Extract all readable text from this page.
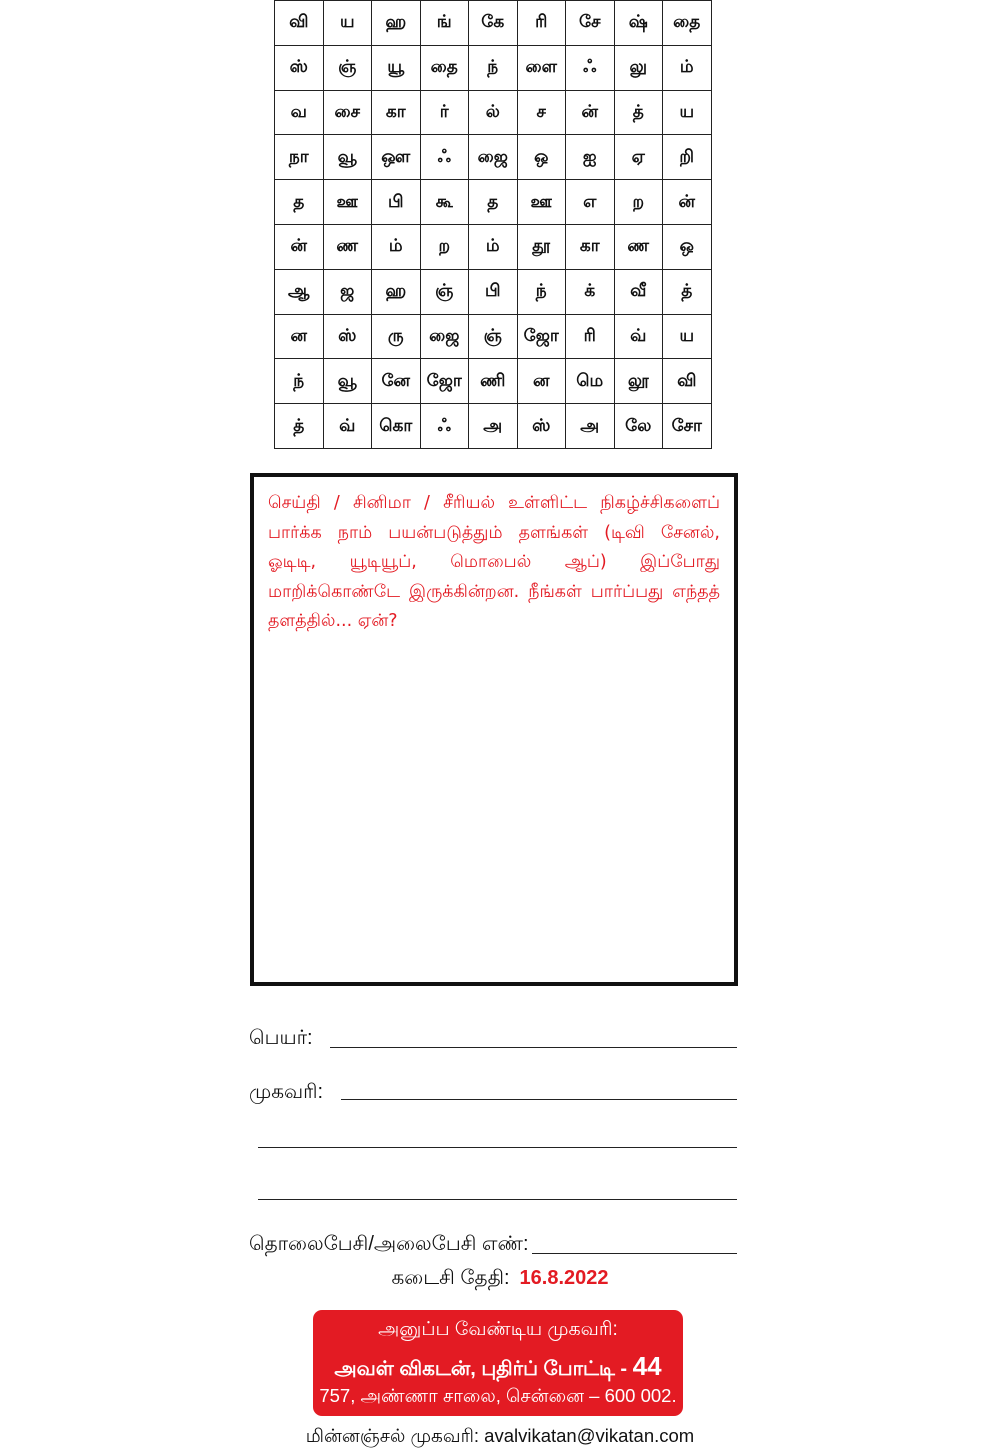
வி	ய	ஹ	ங்	கே	ரி	சே	ஷ்	தை
ஸ்	ஞ்	யூ	தை	ந்	ளை	ஃ	லு	ம்
வ	சை	கா	ர்	ல்	ச	ன்	த்	ய
நா	வூ	ஔ	ஃ	ஜை	ஒ	ஐ	ஏ	றி
த	ஊ	பி	கூ	த	ஊ	எ	ற	ன்
ன்	ண	ம்	ற	ம்	தூ	கா	ண	ஒ
ஆ	ஜ	ஹ	ஞ்	பி	ந்	க்	வீ	த்
ன	ஸ்	ரு	ஜை	ஞ்	ஜோ	ரி	வ்	ய
ந்	வூ	னே	ஜோ	ணி	ன	மெ	லூ	வி
த்	வ்	கொ	ஃ	அ	ஸ்	அ	லே	சோ

செய்தி / சினிமா / சீரியல் உள்ளிட்ட நிகழ்ச்சிகளைப் பார்க்க நாம் பயன்படுத்தும் தளங்கள் (டிவி சேனல், ஓடிடி, யூடியூப், மொபைல் ஆப்) இப்போது மாறிக்கொண்டே இருக்கின்றன. நீங்கள் பார்ப்பது எந்தத் தளத்தில்... ஏன்?

பெயர்:
முகவரி:
தொலைபேசி/அலைபேசி எண்:
கடைசி தேதி: 16.8.2022
அனுப்ப வேண்டிய முகவரி:
அவள் விகடன், புதிர்ப் போட்டி - 44
757, அண்ணா சாலை, சென்னை – 600 002.
மின்னஞ்சல் முகவரி: avalvikatan@vikatan.com
